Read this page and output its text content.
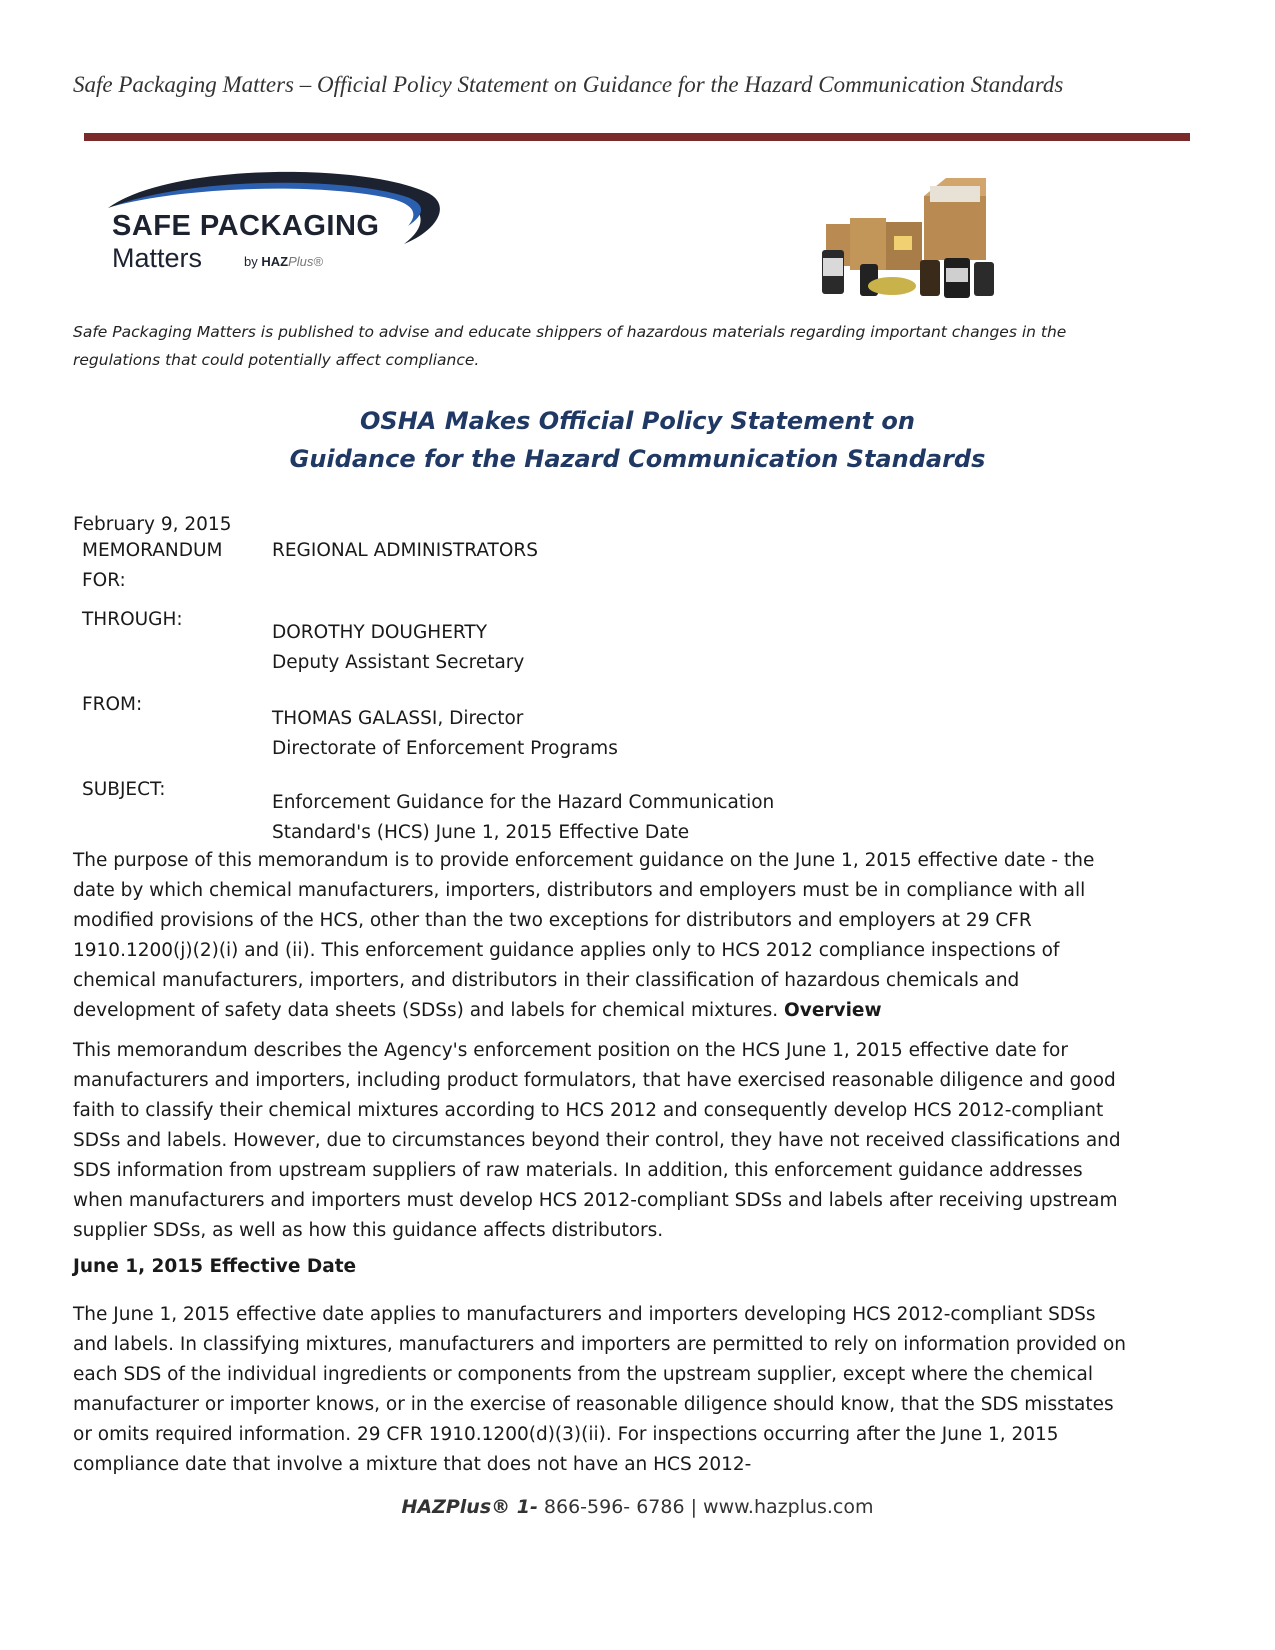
Safe Packaging Matters – Official Policy Statement on Guidance for the Hazard Communication Standards
SAFE PACKAGING
Matters	by HAZPlus®
Safe Packaging Matters is published to advise and educate shippers of hazardous materials regarding important changes in the regulations that could potentially affect compliance.
OSHA Makes Official Policy Statement on
Guidance for the Hazard Communication Standards
February 9, 2015
MEMORANDUM
FOR:
REGIONAL ADMINISTRATORS
THROUGH:
DOROTHY DOUGHERTY
Deputy Assistant Secretary
FROM:
THOMAS GALASSI, Director
Directorate of Enforcement Programs
SUBJECT:
Enforcement Guidance for the Hazard Communication
Standard's (HCS) June 1, 2015 Effective Date
The purpose of this memorandum is to provide enforcement guidance on the June 1, 2015 effective date - the date by which chemical manufacturers, importers, distributors and employers must be in compliance with all modified provisions of the HCS, other than the two exceptions for distributors and employers at 29 CFR 1910.1200(j)(2)(i) and (ii). This enforcement guidance applies only to HCS 2012 compliance inspections of chemical manufacturers, importers, and distributors in their classification of hazardous chemicals and development of safety data sheets (SDSs) and labels for chemical mixtures. Overview
This memorandum describes the Agency's enforcement position on the HCS June 1, 2015 effective date for manufacturers and importers, including product formulators, that have exercised reasonable diligence and good faith to classify their chemical mixtures according to HCS 2012 and consequently develop HCS 2012-compliant SDSs and labels. However, due to circumstances beyond their control, they have not received classifications and SDS information from upstream suppliers of raw materials. In addition, this enforcement guidance addresses when manufacturers and importers must develop HCS 2012-compliant SDSs and labels after receiving upstream supplier SDSs, as well as how this guidance affects distributors.
June 1, 2015 Effective Date
The June 1, 2015 effective date applies to manufacturers and importers developing HCS 2012-compliant SDSs and labels. In classifying mixtures, manufacturers and importers are permitted to rely on information provided on each SDS of the individual ingredients or components from the upstream supplier, except where the chemical manufacturer or importer knows, or in the exercise of reasonable diligence should know, that the SDS misstates or omits required information. 29 CFR 1910.1200(d)(3)(ii). For inspections occurring after the June 1, 2015 compliance date that involve a mixture that does not have an HCS 2012-
HAZPlus® 1- 866-596- 6786 | www.hazplus.com
